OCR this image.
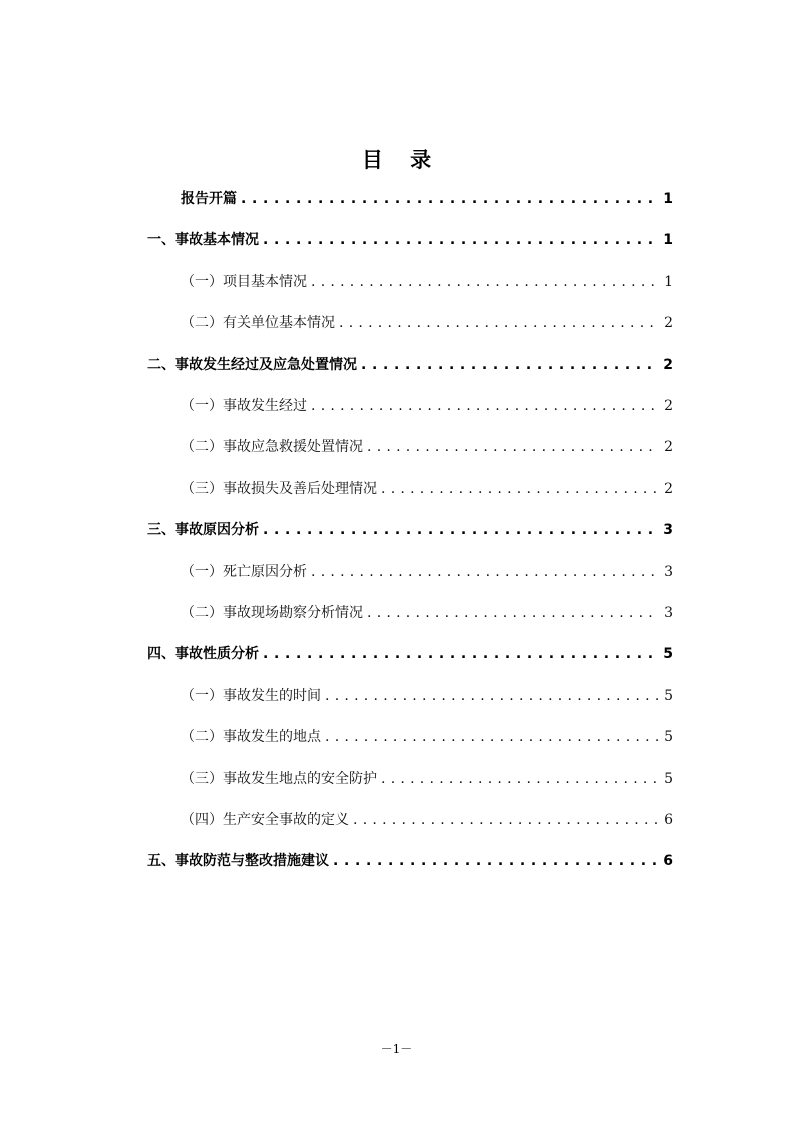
目 录
报告开篇 . . .	1
一、事故基本情况 . . .	1
（一）项目基本情况 . . .	1
（二）有关单位基本情况 . . .	2
二、事故发生经过及应急处置情况 . . .	2
（一）事故发生经过 . . .	2
（二）事故应急救援处置情况 . . .	2
（三）事故损失及善后处理情况 . . .	2
三、事故原因分析 . . .	3
（一）死亡原因分析 . . .	3
（二）事故现场勘察分析情况 . . .	3
四、事故性质分析 . . .	5
（一）事故发生的时间 . . .	5
（二）事故发生的地点 . . .	5
（三）事故发生地点的安全防护 . . .	5
（四）生产安全事故的定义 . . .	6
五、事故防范与整改措施建议 . . .	6
－1－
